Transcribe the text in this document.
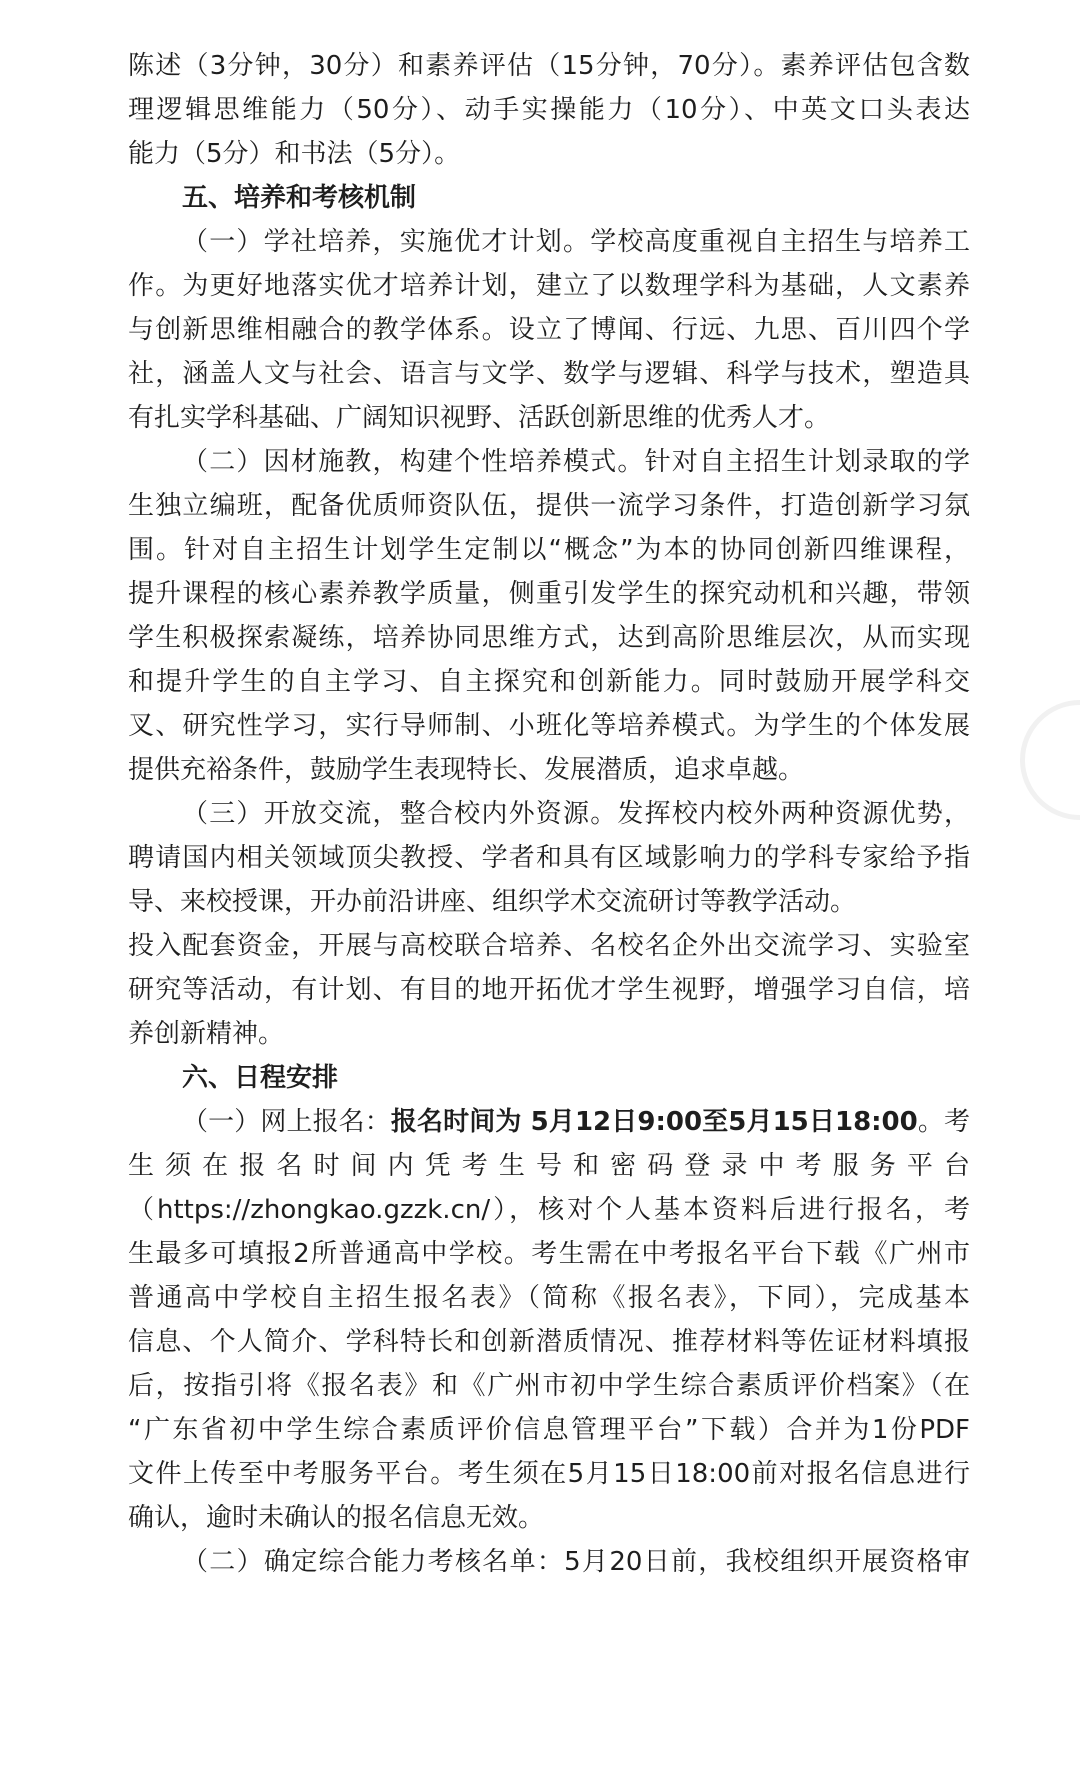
陈述（3分钟，30分）和素养评估（15分钟，70分）。素养评估包含数
理逻辑思维能力（50分）、动手实操能力（10分）、中英文口头表达
能力（5分）和书法（5分）。
五、培养和考核机制
（一）学社培养，实施优才计划。学校高度重视自主招生与培养工
作。为更好地落实优才培养计划，建立了以数理学科为基础，人文素养
与创新思维相融合的教学体系。设立了博闻、行远、九思、百川四个学
社，涵盖人文与社会、语言与文学、数学与逻辑、科学与技术，塑造具
有扎实学科基础、广阔知识视野、活跃创新思维的优秀人才。
（二）因材施教，构建个性培养模式。针对自主招生计划录取的学
生独立编班，配备优质师资队伍，提供一流学习条件，打造创新学习氛
围。针对自主招生计划学生定制以“概念”为本的协同创新四维课程，
提升课程的核心素养教学质量，侧重引发学生的探究动机和兴趣，带领
学生积极探索凝练，培养协同思维方式，达到高阶思维层次，从而实现
和提升学生的自主学习、自主探究和创新能力。同时鼓励开展学科交
叉、研究性学习，实行导师制、小班化等培养模式。为学生的个体发展
提供充裕条件，鼓励学生表现特长、发展潜质，追求卓越。
（三）开放交流，整合校内外资源。发挥校内校外两种资源优势，
聘请国内相关领域顶尖教授、学者和具有区域影响力的学科专家给予指
导、来校授课，开办前沿讲座、组织学术交流研讨等教学活动。
投入配套资金，开展与高校联合培养、名校名企外出交流学习、实验室
研究等活动，有计划、有目的地开拓优才学生视野，增强学习自信，培
养创新精神。
六、日程安排
（一）网上报名：报名时间为 5月12日9:00至5月15日18:00。考
生须在报名时间内凭考生号和密码登录中考服务平台
（https://zhongkao.gzzk.cn/），核对个人基本资料后进行报名，考
生最多可填报2所普通高中学校。考生需在中考报名平台下载《广州市
普通高中学校自主招生报名表》（简称《报名表》，下同），完成基本
信息、个人简介、学科特长和创新潜质情况、推荐材料等佐证材料填报
后，按指引将《报名表》和《广州市初中学生综合素质评价档案》（在
“广东省初中学生综合素质评价信息管理平台”下载）合并为1份PDF
文件上传至中考服务平台。考生须在5月15日18:00前对报名信息进行
确认，逾时未确认的报名信息无效。
（二）确定综合能力考核名单：5月20日前，我校组织开展资格审
